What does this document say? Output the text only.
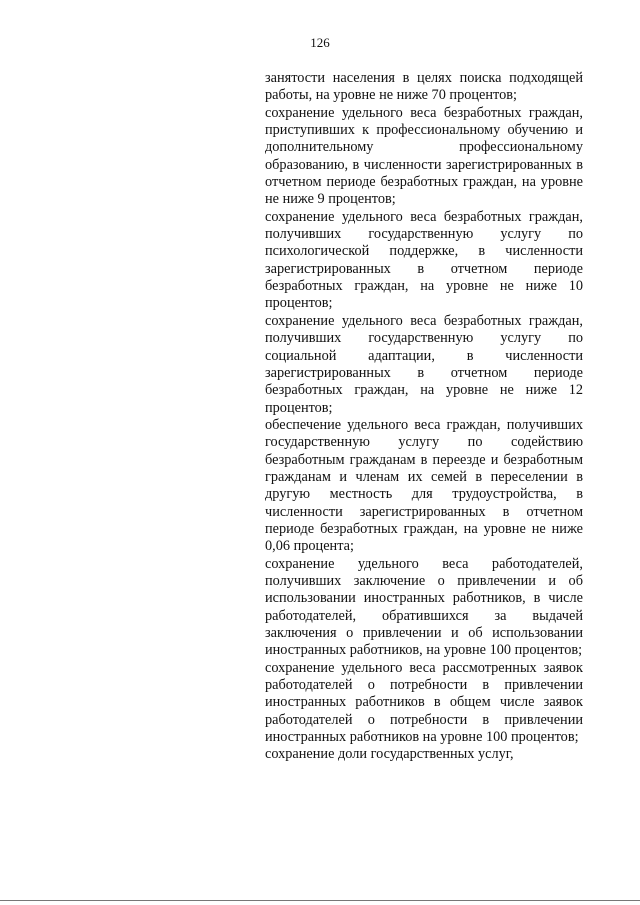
126

занятости населения в целях поиска подходящей работы, на уровне не ниже 70 процентов;

сохранение удельного веса безработных граждан, приступивших к профессиональному обучению и дополнительному профессиональному образованию, в численности зарегистрированных в отчетном периоде безработных граждан, на уровне не ниже 9 процентов;

сохранение удельного веса безработных граждан, получивших государственную услугу по психологической поддержке, в численности зарегистрированных в отчетном периоде безработных граждан, на уровне не ниже 10 процентов;

сохранение удельного веса безработных граждан, получивших государственную услугу по социальной адаптации, в численности зарегистрированных в отчетном периоде безработных граждан, на уровне не ниже 12 процентов;

обеспечение удельного веса граждан, получивших государственную услугу по содействию безработным гражданам в переезде и безработным гражданам и членам их семей в переселении в другую местность для трудоустройства, в численности зарегистрированных в отчетном периоде безработных граждан, на уровне не ниже 0,06 процента;

сохранение удельного веса работодателей, получивших заключение о привлечении и об использовании иностранных работников, в числе работодателей, обратившихся за выдачей заключения о привлечении и об использовании иностранных работников, на уровне 100 процентов;

сохранение удельного веса рассмотренных заявок работодателей о потребности в привлечении иностранных работников в общем числе заявок работодателей о потребности в привлечении иностранных работников на уровне 100 процентов;

сохранение доли государственных услуг,
